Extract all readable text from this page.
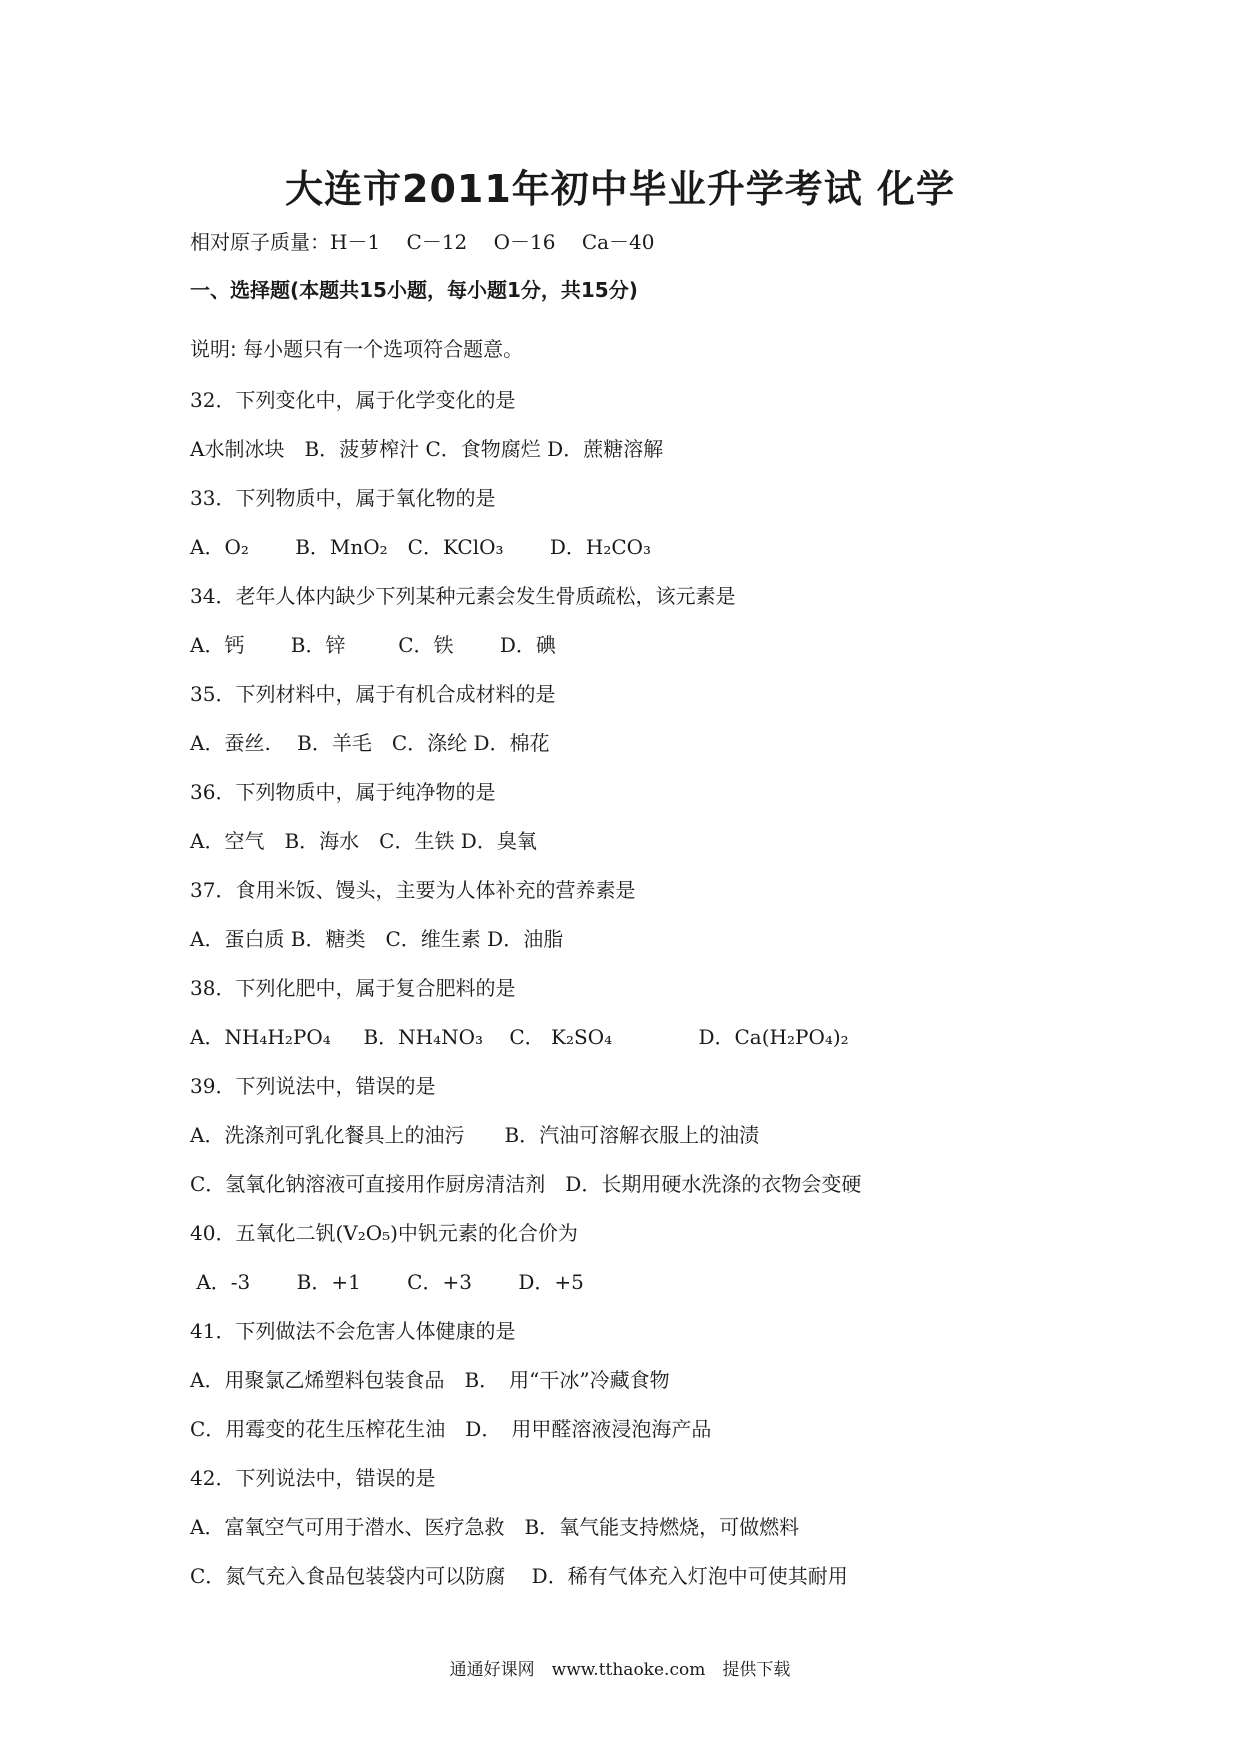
大连市2011年初中毕业升学考试 化学
相对原子质量：H－1　 C－12 　O－16　 Ca－40
一、选择题(本题共15小题，每小题1分，共15分)
说明: 每小题只有一个选项符合题意。
32．下列变化中，属于化学变化的是
A水制冰块　B．菠萝榨汁 C．食物腐烂 D．蔗糖溶解
33．下列物质中，属于氧化物的是
A．O₂ 　　B．MnO₂　C．KClO₃ 　　D．H₂CO₃
34．老年人体内缺少下列某种元素会发生骨质疏松，该元素是
A．钙　　 B．锌 　　 C．铁 　　D．碘
35．下列材料中，属于有机合成材料的是
A．蚕丝.　 B．羊毛　C．涤纶 D．棉花
36．下列物质中，属于纯净物的是
A．空气　B．海水　C．生铁 D．臭氧
37．食用米饭、馒头，主要为人体补充的营养素是
A．蛋白质 B．糖类　C．维生素 D．油脂
38．下列化肥中，属于复合肥料的是
A．NH₄H₂PO₄ 　 B．NH₄NO₃ 　C． K₂SO₄ 　　　　D．Ca(H₂PO₄)₂
39．下列说法中，错误的是
A．洗涤剂可乳化餐具上的油污　　B．汽油可溶解衣服上的油渍
C．氢氧化钠溶液可直接用作厨房清洁剂　D．长期用硬水洗涤的衣物会变硬
40．五氧化二钒(V₂O₅)中钒元素的化合价为
A．-3　　 B．+1 　　C．+3 　　D．+5
41．下列做法不会危害人体健康的是
A．用聚氯乙烯塑料包装食品　B．　用“干冰”冷藏食物
C．用霉变的花生压榨花生油　D．　用甲醛溶液浸泡海产品
42．下列说法中，错误的是
A．富氧空气可用于潜水、医疗急救　B．氧气能支持燃烧，可做燃料
C．氮气充入食品包装袋内可以防腐　 D．稀有气体充入灯泡中可使其耐用
通通好课网　www.tthaoke.com　提供下载
